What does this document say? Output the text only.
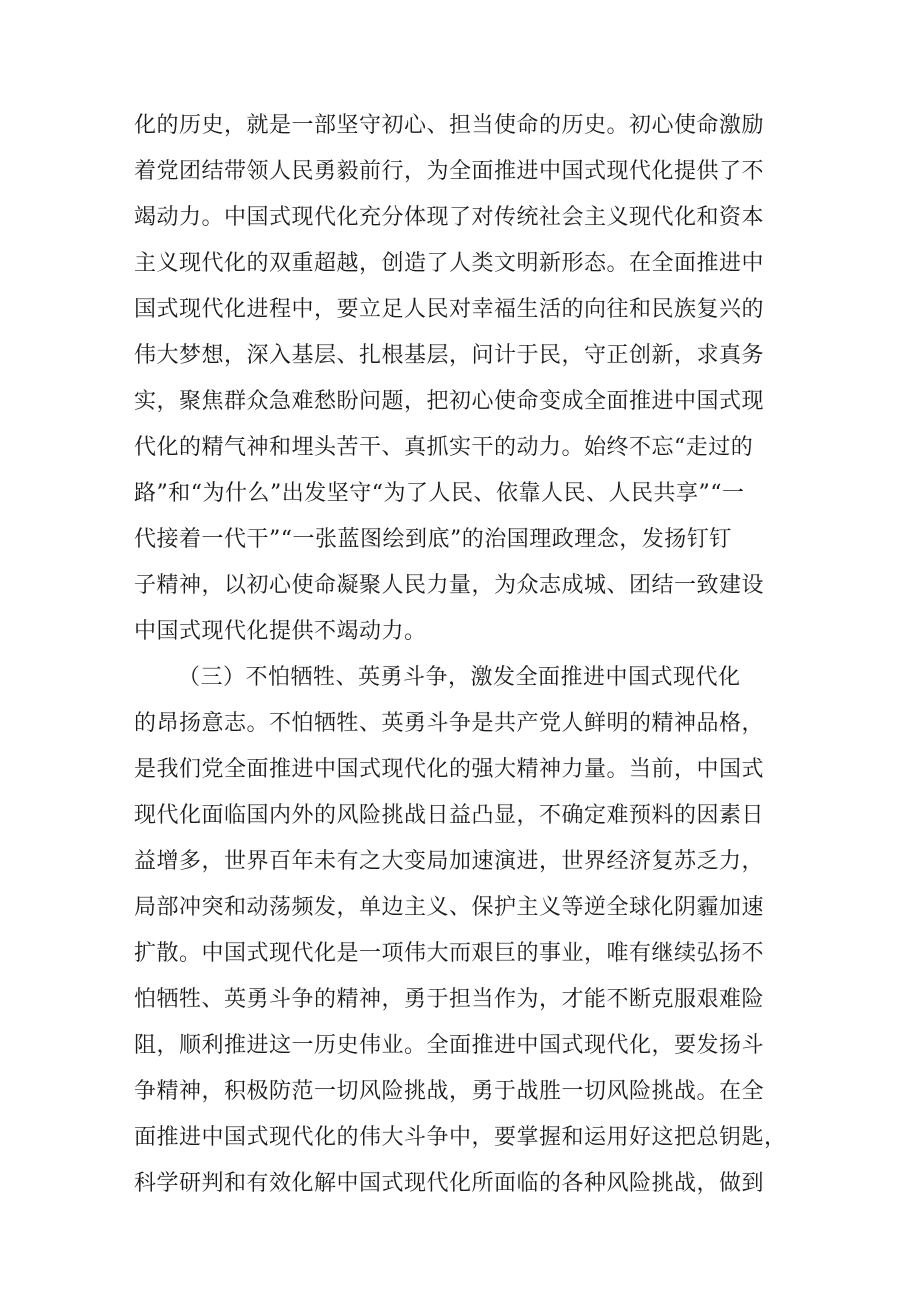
化的历史，就是一部坚守初心、担当使命的历史。初心使命激励
着党团结带领人民勇毅前行，为全面推进中国式现代化提供了不
竭动力。中国式现代化充分体现了对传统社会主义现代化和资本
主义现代化的双重超越，创造了人类文明新形态。在全面推进中
国式现代化进程中，要立足人民对幸福生活的向往和民族复兴的
伟大梦想，深入基层、扎根基层，问计于民，守正创新，求真务
实，聚焦群众急难愁盼问题，把初心使命变成全面推进中国式现
代化的精气神和埋头苦干、真抓实干的动力。始终不忘“走过的
路”和“为什么”出发坚守“为了人民、依靠人民、人民共享”“一
代接着一代干”“一张蓝图绘到底”的治国理政理念，发扬钉钉
子精神，以初心使命凝聚人民力量，为众志成城、团结一致建设
中国式现代化提供不竭动力。
（三）不怕牺牲、英勇斗争，激发全面推进中国式现代化
的昂扬意志。不怕牺牲、英勇斗争是共产党人鲜明的精神品格，
是我们党全面推进中国式现代化的强大精神力量。当前，中国式
现代化面临国内外的风险挑战日益凸显，不确定难预料的因素日
益增多，世界百年未有之大变局加速演进，世界经济复苏乏力，
局部冲突和动荡频发，单边主义、保护主义等逆全球化阴霾加速
扩散。中国式现代化是一项伟大而艰巨的事业，唯有继续弘扬不
怕牺牲、英勇斗争的精神，勇于担当作为，才能不断克服艰难险
阻，顺利推进这一历史伟业。全面推进中国式现代化，要发扬斗
争精神，积极防范一切风险挑战，勇于战胜一切风险挑战。在全
面推进中国式现代化的伟大斗争中，要掌握和运用好这把总钥匙，
科学研判和有效化解中国式现代化所面临的各种风险挑战，做到
